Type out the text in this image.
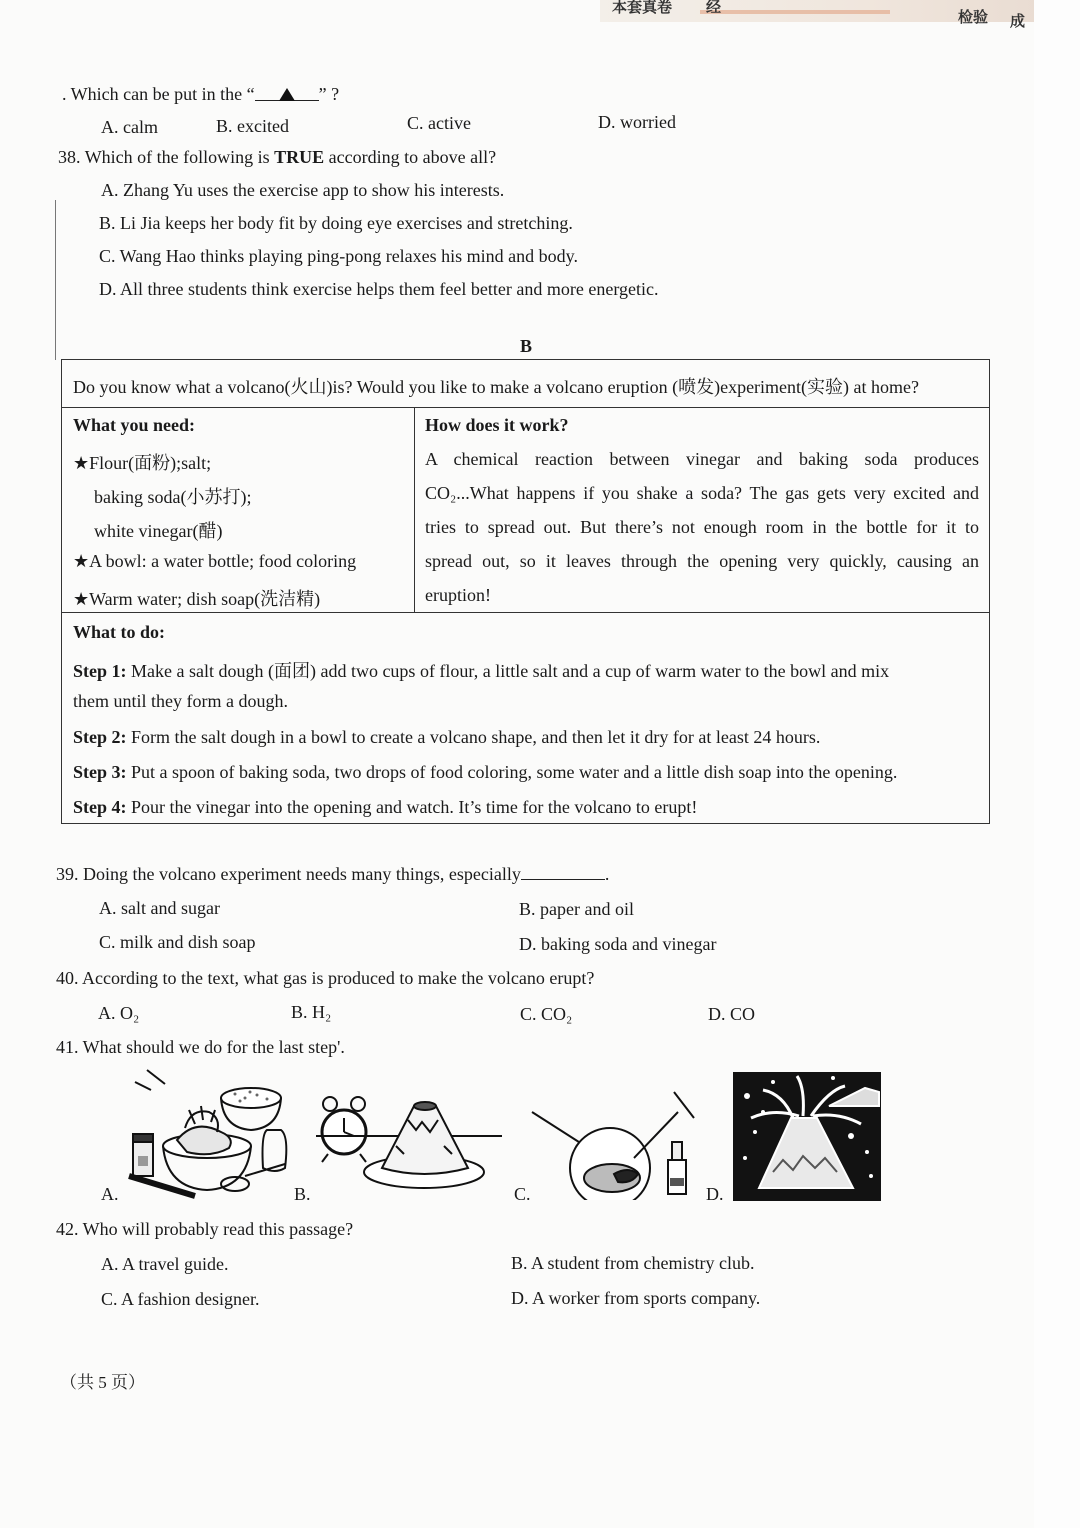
本套真卷 经
检验 成
. Which can be put in the “	” ?
A. calm	B. excited	C. active	D. worried
38. Which of the following is TRUE according to above all?
A. Zhang Yu uses the exercise app to show his interests.
B. Li Jia keeps her body fit by doing eye exercises and stretching.
C. Wang Hao thinks playing ping-pong relaxes his mind and body.
D. All three students think exercise helps them feel better and more energetic.
B
Do you know what a volcano(火山)is? Would you like to make a volcano eruption (喷发)experiment(实验) at home?
What you need:
★Flour(面粉);salt;
baking soda(小苏打);
white vinegar(醋)
★A bowl: a water bottle; food coloring
★Warm water; dish soap(洗洁精)
How does it work?
A chemical reaction between vinegar and baking soda produces
CO₂...What happens if you shake a soda? The gas gets very excited and
tries to spread out. But there’s not enough room in the bottle for it to
spread out, so it leaves through the opening very quickly, causing an
eruption!
What to do:
Step 1: Make a salt dough (面团) add two cups of flour, a little salt and a cup of warm water to the bowl and mix
them until they form a dough.
Step 2: Form the salt dough in a bowl to create a volcano shape, and then let it dry for at least 24 hours.
Step 3: Put a spoon of baking soda, two drops of food coloring, some water and a little dish soap into the opening.
Step 4: Pour the vinegar into the opening and watch. It’s time for the volcano to erupt!
39. Doing the volcano experiment needs many things, especially	.
A. salt and sugar	B. paper and oil
C. milk and dish soap	D. baking soda and vinegar
40. According to the text, what gas is produced to make the volcano erupt?
A. O₂	B. H₂	C. CO₂	D. CO
41. What should we do for the last step'.
A.	B.	C.	D.
42. Who will probably read this passage?
A. A travel guide.	B. A student from chemistry club.
C. A fashion designer.	D. A worker from sports company.
（共 5 页）
